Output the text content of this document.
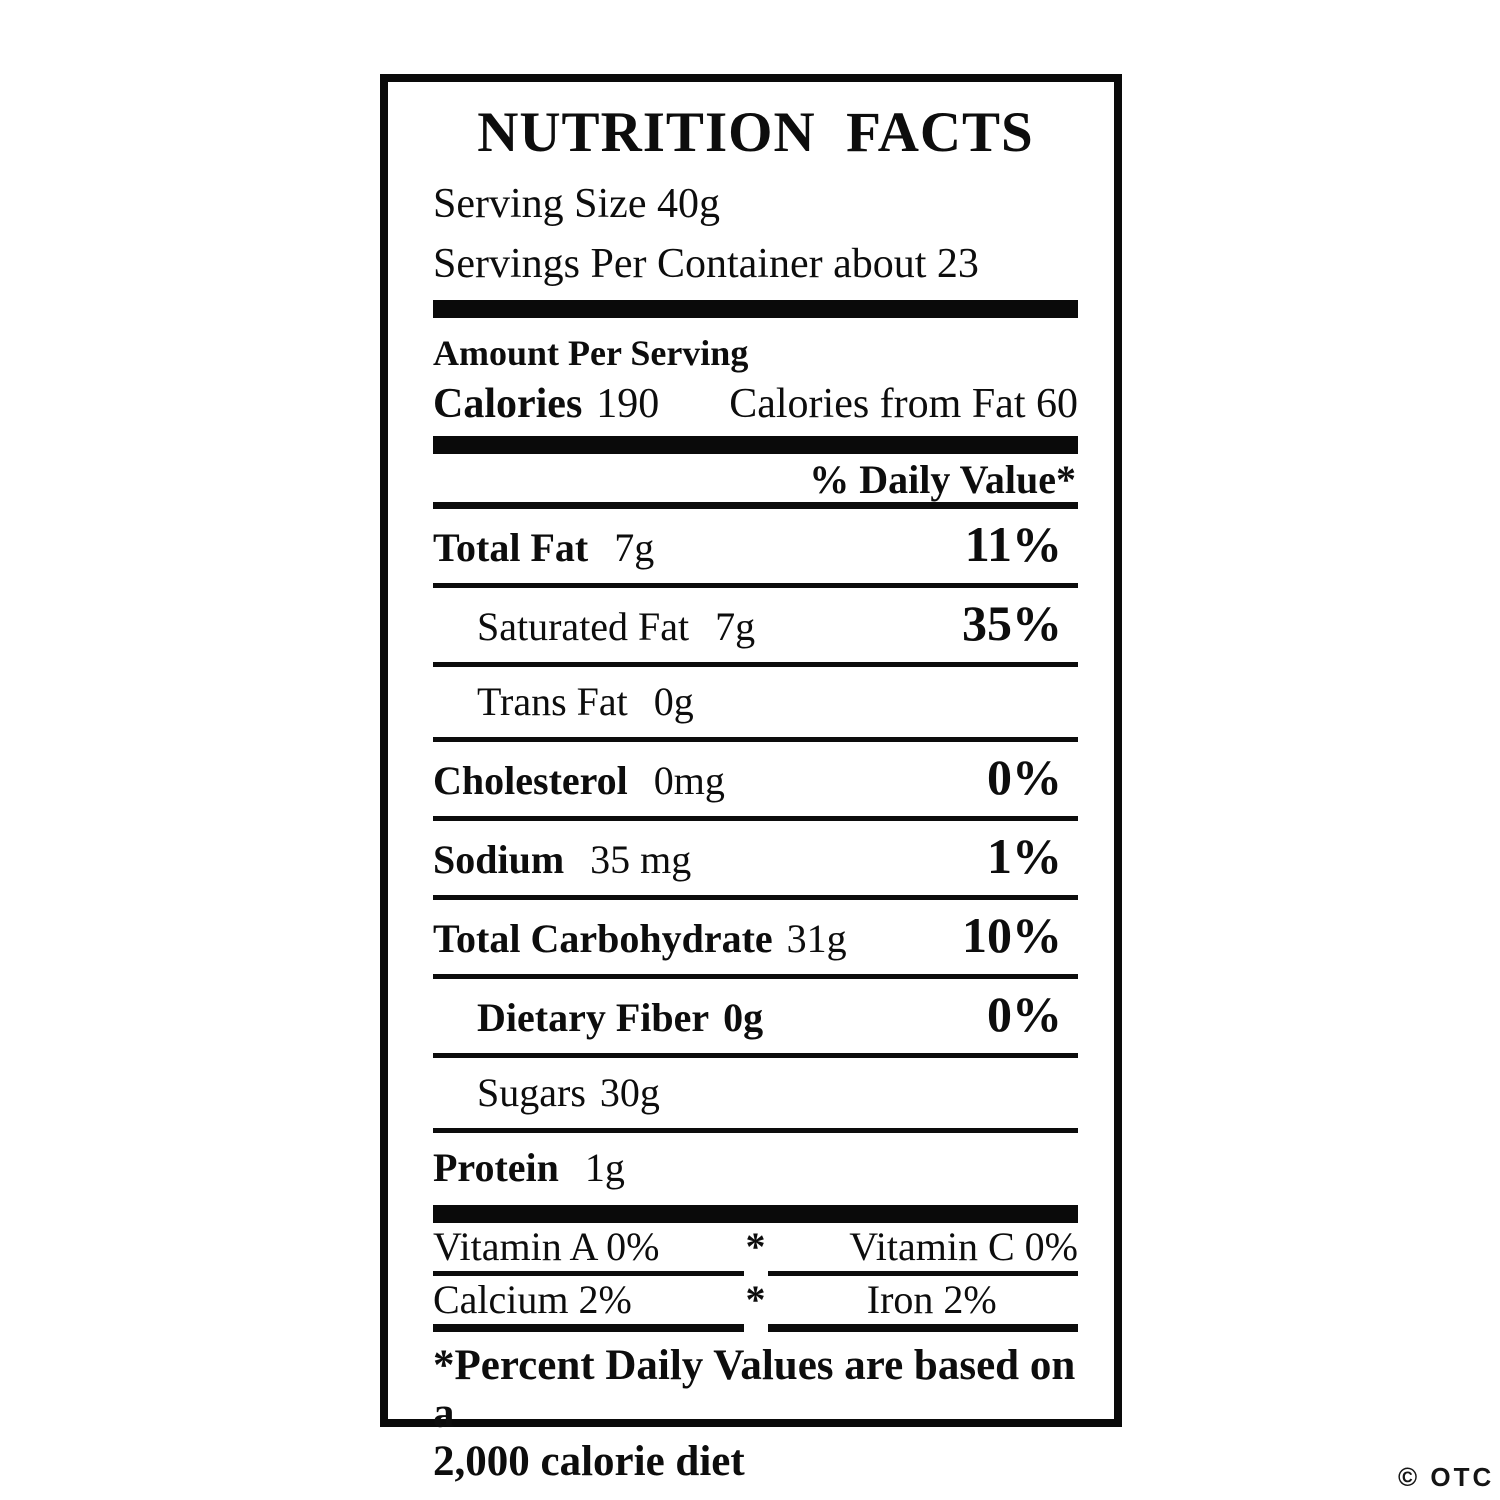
NUTRITION  FACTS
Serving Size 40g
Servings Per Container about 23
Amount Per Serving
Calories 190 Calories from Fat 60
% Daily Value*
Total Fat 7g	11%
Saturated Fat 7g	35%
Trans Fat 0g
Cholesterol 0mg	0%
Sodium 35 mg	1%
Total Carbohydrate 31g 10%
Dietary Fiber 0g	0%
Sugars 30g
Protein 1g
Vitamin A 0%	*	Vitamin C 0%
Calcium 2%	*	Iron 2%
*Percent Daily Values are based on a
2,000 calorie diet	© OTC
